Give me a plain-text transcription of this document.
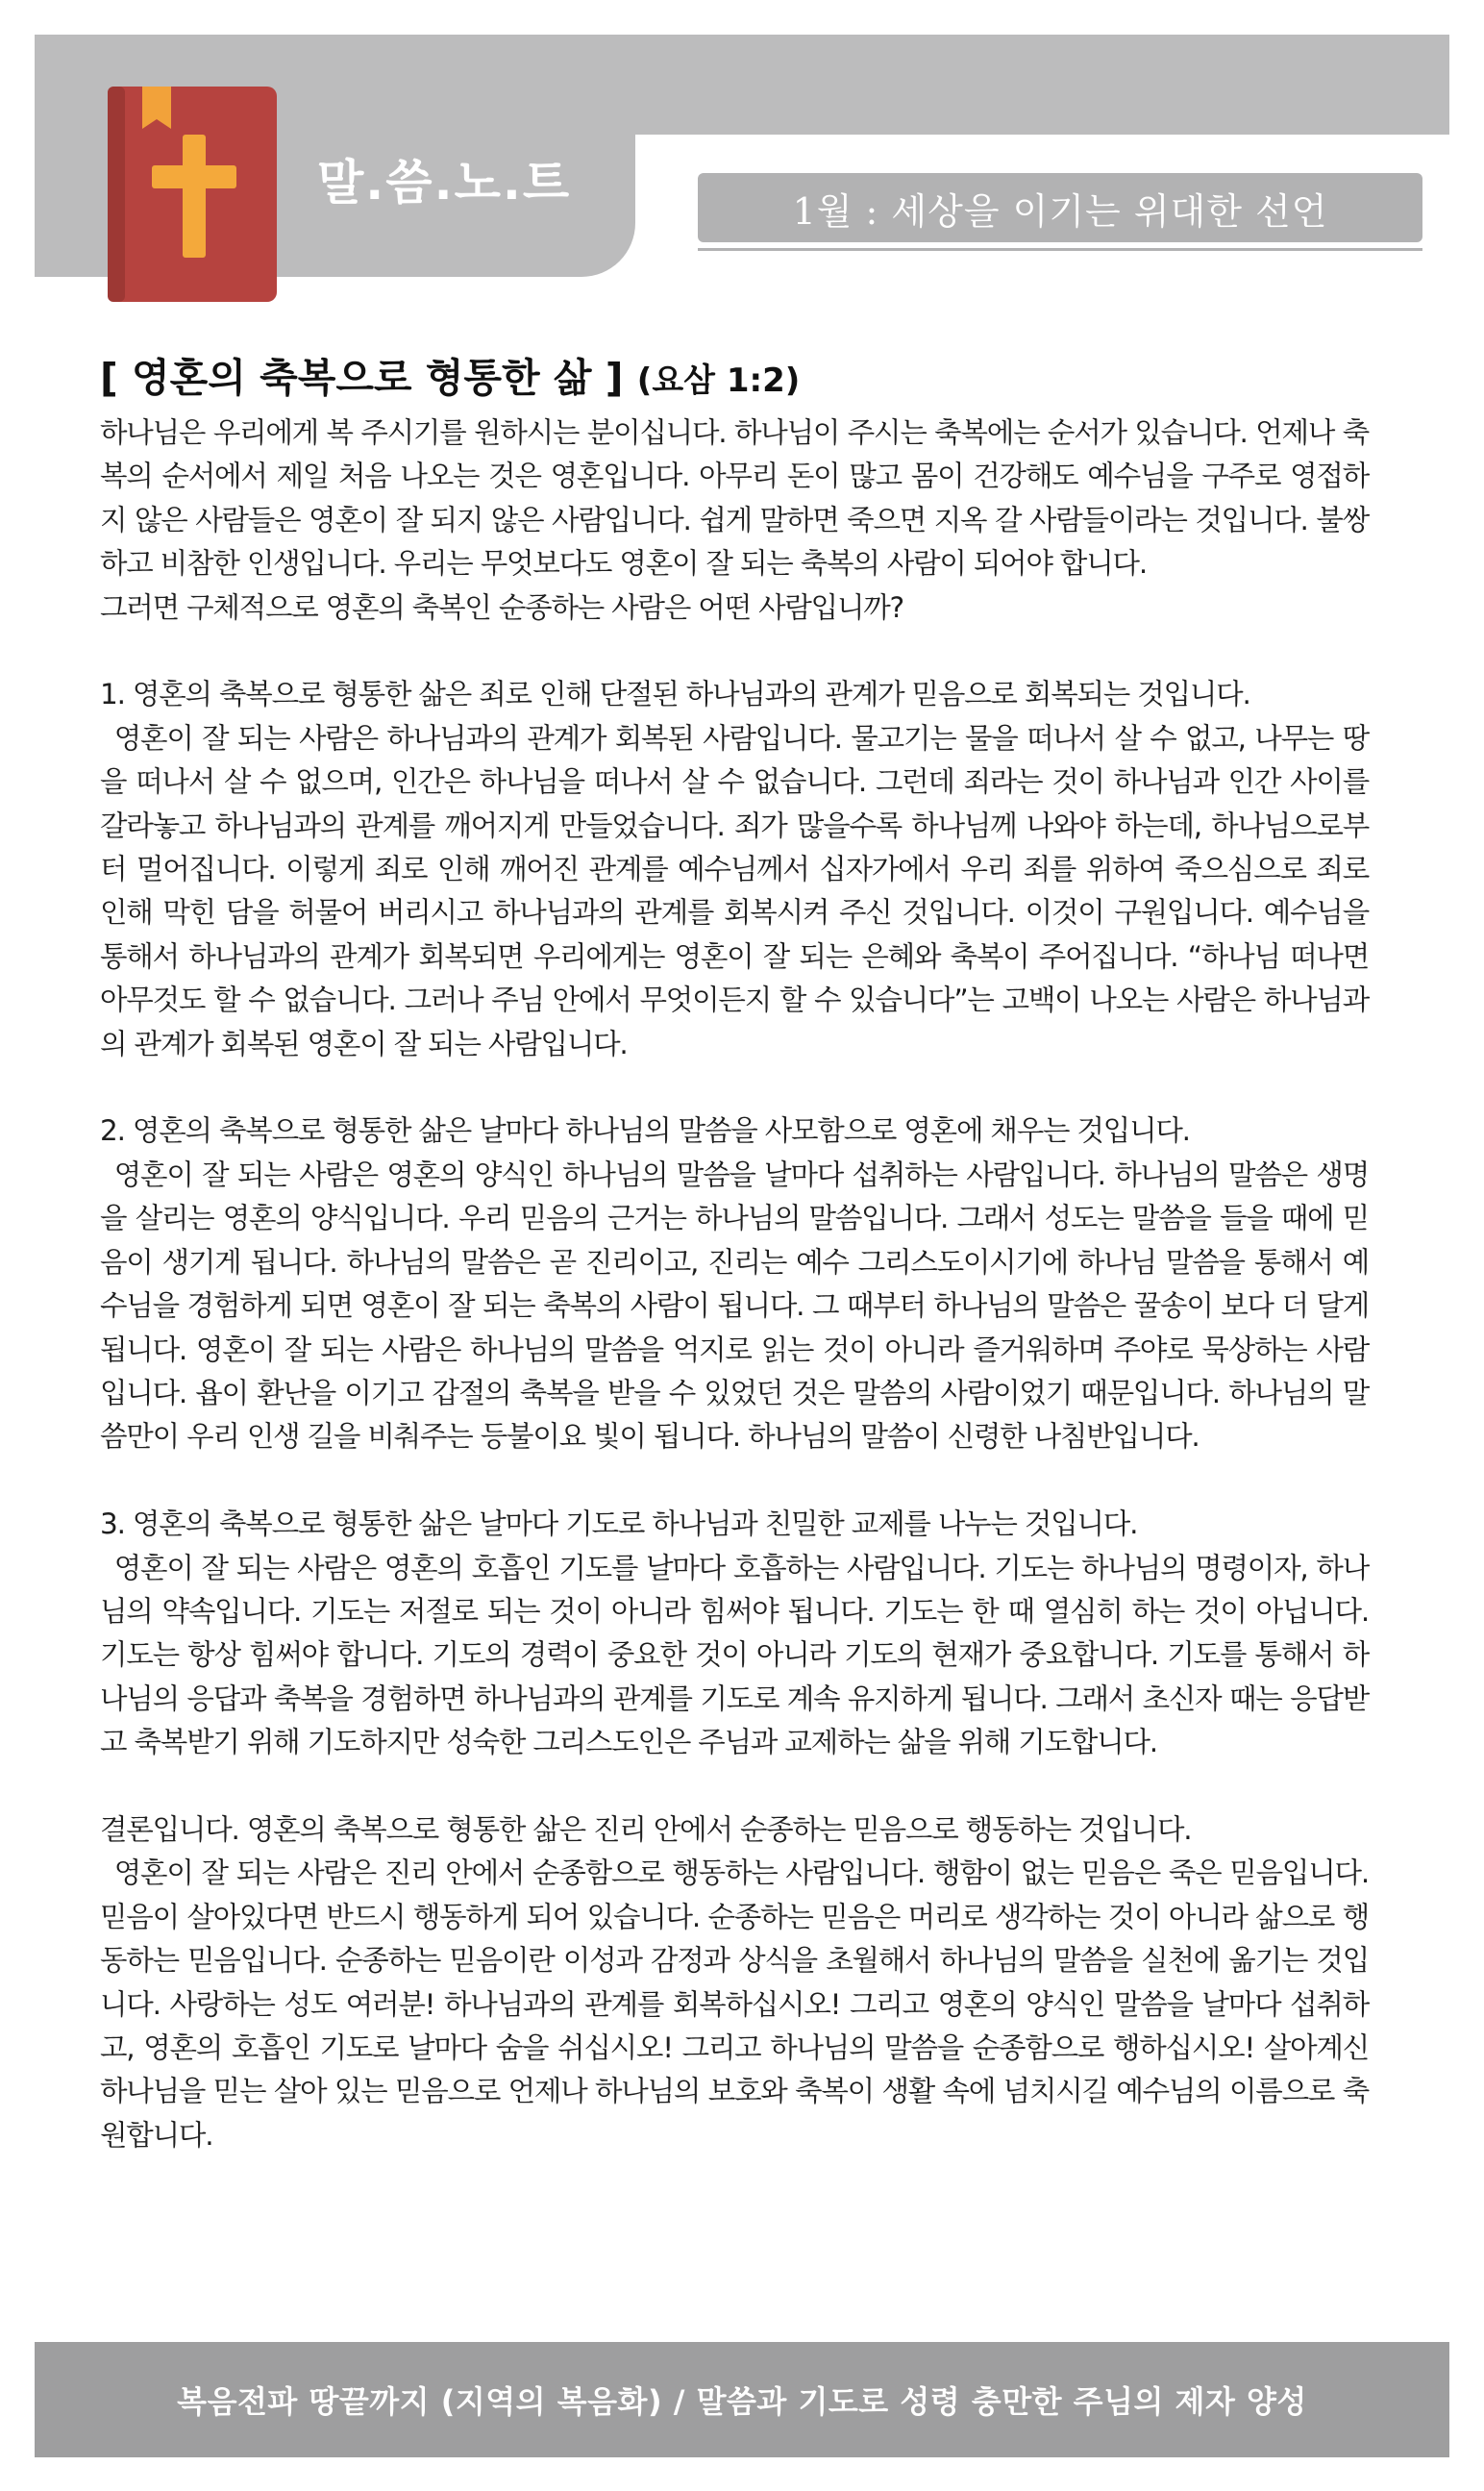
말.씀.노.트
1월 : 세상을 이기는 위대한 선언
[ 영혼의 축복으로 형통한 삶 ] (요삼 1:2)

하나님은 우리에게 복 주시기를 원하시는 분이십니다. 하나님이 주시는 축복에는 순서가 있습니다. 언제나 축복의 순서에서 제일 처음 나오는 것은 영혼입니다. 아무리 돈이 많고 몸이 건강해도 예수님을 구주로 영접하지 않은 사람들은 영혼이 잘 되지 않은 사람입니다. 쉽게 말하면 죽으면 지옥 갈 사람들이라는 것입니다. 불쌍하고 비참한 인생입니다. 우리는 무엇보다도 영혼이 잘 되는 축복의 사람이 되어야 합니다.

그러면 구체적으로 영혼의 축복인 순종하는 사람은 어떤 사람입니까?

1. 영혼의 축복으로 형통한 삶은 죄로 인해 단절된 하나님과의 관계가 믿음으로 회복되는 것입니다.

영혼이 잘 되는 사람은 하나님과의 관계가 회복된 사람입니다. 물고기는 물을 떠나서 살 수 없고, 나무는 땅을 떠나서 살 수 없으며, 인간은 하나님을 떠나서 살 수 없습니다. 그런데 죄라는 것이 하나님과 인간 사이를 갈라놓고 하나님과의 관계를 깨어지게 만들었습니다. 죄가 많을수록 하나님께 나와야 하는데, 하나님으로부터 멀어집니다. 이렇게 죄로 인해 깨어진 관계를 예수님께서 십자가에서 우리 죄를 위하여 죽으심으로 죄로 인해 막힌 담을 허물어 버리시고 하나님과의 관계를 회복시켜 주신 것입니다. 이것이 구원입니다. 예수님을 통해서 하나님과의 관계가 회복되면 우리에게는 영혼이 잘 되는 은혜와 축복이 주어집니다. “하나님 떠나면 아무것도 할 수 없습니다. 그러나 주님 안에서 무엇이든지 할 수 있습니다”는 고백이 나오는 사람은 하나님과의 관계가 회복된 영혼이 잘 되는 사람입니다.

2. 영혼의 축복으로 형통한 삶은 날마다 하나님의 말씀을 사모함으로 영혼에 채우는 것입니다.

영혼이 잘 되는 사람은 영혼의 양식인 하나님의 말씀을 날마다 섭취하는 사람입니다. 하나님의 말씀은 생명을 살리는 영혼의 양식입니다. 우리 믿음의 근거는 하나님의 말씀입니다. 그래서 성도는 말씀을 들을 때에 믿음이 생기게 됩니다. 하나님의 말씀은 곧 진리이고, 진리는 예수 그리스도이시기에 하나님 말씀을 통해서 예수님을 경험하게 되면 영혼이 잘 되는 축복의 사람이 됩니다. 그 때부터 하나님의 말씀은 꿀송이 보다 더 달게 됩니다. 영혼이 잘 되는 사람은 하나님의 말씀을 억지로 읽는 것이 아니라 즐거워하며 주야로 묵상하는 사람입니다. 욥이 환난을 이기고 갑절의 축복을 받을 수 있었던 것은 말씀의 사람이었기 때문입니다. 하나님의 말씀만이 우리 인생 길을 비춰주는 등불이요 빛이 됩니다. 하나님의 말씀이 신령한 나침반입니다.

3. 영혼의 축복으로 형통한 삶은 날마다 기도로 하나님과 친밀한 교제를 나누는 것입니다.

영혼이 잘 되는 사람은 영혼의 호흡인 기도를 날마다 호흡하는 사람입니다. 기도는 하나님의 명령이자, 하나님의 약속입니다. 기도는 저절로 되는 것이 아니라 힘써야 됩니다. 기도는 한 때 열심히 하는 것이 아닙니다. 기도는 항상 힘써야 합니다. 기도의 경력이 중요한 것이 아니라 기도의 현재가 중요합니다. 기도를 통해서 하나님의 응답과 축복을 경험하면 하나님과의 관계를 기도로 계속 유지하게 됩니다. 그래서 초신자 때는 응답받고 축복받기 위해 기도하지만 성숙한 그리스도인은 주님과 교제하는 삶을 위해 기도합니다.

결론입니다. 영혼의 축복으로 형통한 삶은 진리 안에서 순종하는 믿음으로 행동하는 것입니다.

영혼이 잘 되는 사람은 진리 안에서 순종함으로 행동하는 사람입니다. 행함이 없는 믿음은 죽은 믿음입니다. 믿음이 살아있다면 반드시 행동하게 되어 있습니다. 순종하는 믿음은 머리로 생각하는 것이 아니라 삶으로 행동하는 믿음입니다. 순종하는 믿음이란 이성과 감정과 상식을 초월해서 하나님의 말씀을 실천에 옮기는 것입니다. 사랑하는 성도 여러분! 하나님과의 관계를 회복하십시오! 그리고 영혼의 양식인 말씀을 날마다 섭취하고, 영혼의 호흡인 기도로 날마다 숨을 쉬십시오! 그리고 하나님의 말씀을 순종함으로 행하십시오! 살아계신 하나님을 믿는 살아 있는 믿음으로 언제나 하나님의 보호와 축복이 생활 속에 넘치시길 예수님의 이름으로 축원합니다.

복음전파 땅끝까지 (지역의 복음화) / 말씀과 기도로 성령 충만한 주님의 제자 양성
